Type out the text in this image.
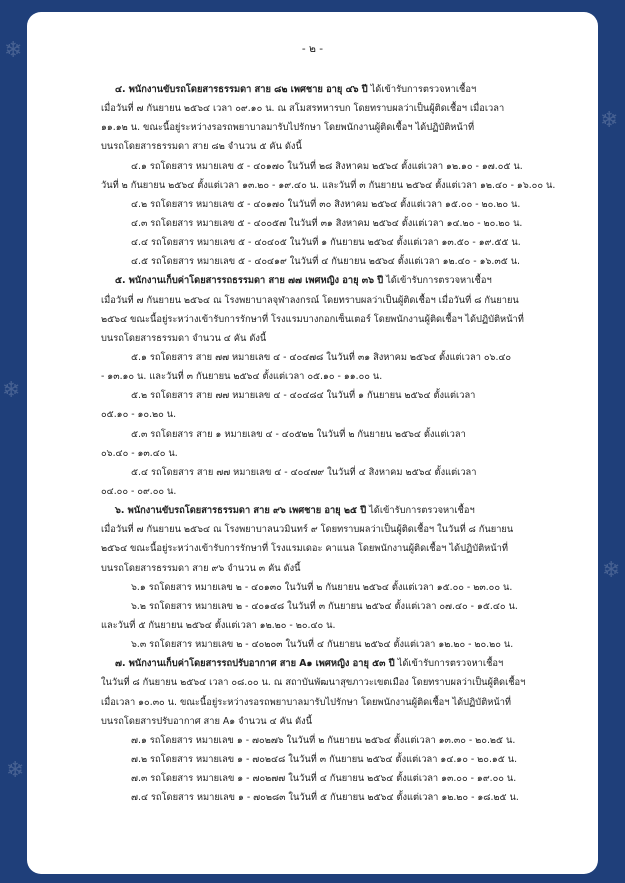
❄
❄
❄
❄
❄
- ๒ -
๔. พนักงานขับรถโดยสารธรรมดา สาย ๘๒ เพศชาย อายุ ๔๖ ปี ได้เข้ารับการตรวจหาเชื้อฯ
เมื่อวันที่ ๗ กันยายน ๒๕๖๔ เวลา ๐๙.๑๐ น. ณ สโมสรทหารบก โดยทราบผลว่าเป็นผู้ติดเชื้อฯ เมื่อเวลา
๑๑.๑๒ น. ขณะนี้อยู่ระหว่างรอรถพยาบาลมารับไปรักษา โดยพนักงานผู้ติดเชื้อฯ ได้ปฏิบัติหน้าที่
บนรถโดยสารธรรมดา สาย ๘๒ จำนวน ๕ คัน ดังนี้
๔.๑ รถโดยสาร หมายเลข ๕ - ๔๐๑๗๐ ในวันที่ ๒๘ สิงหาคม ๒๕๖๔ ตั้งแต่เวลา ๑๒.๑๐ - ๑๗.๐๕ น.
วันที่ ๒ กันยายน ๒๕๖๔ ตั้งแต่เวลา ๑๓.๒๐ - ๑๙.๔๐ น. และวันที่ ๓ กันยายน ๒๕๖๔ ตั้งแต่เวลา ๑๒.๔๐ - ๑๖.๐๐ น.
๔.๒ รถโดยสาร หมายเลข ๕ - ๔๐๑๗๐ ในวันที่ ๓๐ สิงหาคม ๒๕๖๔ ตั้งแต่เวลา ๑๕.๐๐ - ๒๐.๒๐ น.
๔.๓ รถโดยสาร หมายเลข ๕ - ๔๐๐๕๗ ในวันที่ ๓๑ สิงหาคม ๒๕๖๔ ตั้งแต่เวลา ๑๔.๒๐ - ๒๐.๒๐ น.
๔.๔ รถโดยสาร หมายเลข ๕ - ๔๐๔๐๕ ในวันที่ ๑ กันยายน ๒๕๖๔ ตั้งแต่เวลา ๑๓.๕๐ - ๑๙.๕๕ น.
๔.๕ รถโดยสาร หมายเลข ๕ - ๔๐๔๑๙ ในวันที่ ๔ กันยายน ๒๕๖๔ ตั้งแต่เวลา ๑๒.๔๐ - ๑๖.๓๕ น.
๕. พนักงานเก็บค่าโดยสารรถธรรมดา สาย ๗๗ เพศหญิง อายุ ๓๖ ปี ได้เข้ารับการตรวจหาเชื้อฯ
เมื่อวันที่ ๗ กันยายน ๒๕๖๔ ณ โรงพยาบาลจุฬาลงกรณ์ โดยทราบผลว่าเป็นผู้ติดเชื้อฯ เมื่อวันที่ ๘ กันยายน
๒๕๖๔ ขณะนี้อยู่ระหว่างเข้ารับการรักษาที่ โรงแรมบางกอกเซ็นเตอร์ โดยพนักงานผู้ติดเชื้อฯ ได้ปฏิบัติหน้าที่
บนรถโดยสารธรรมดา จำนวน ๔ คัน ดังนี้
๕.๑ รถโดยสาร สาย ๗๗ หมายเลข ๔ - ๔๐๔๗๘ ในวันที่ ๓๑ สิงหาคม ๒๕๖๔ ตั้งแต่เวลา ๐๖.๔๐
- ๑๓.๑๐ น. และวันที่ ๓ กันยายน ๒๕๖๔ ตั้งแต่เวลา ๐๕.๑๐ - ๑๑.๐๐ น.
๕.๒ รถโดยสาร สาย ๗๗ หมายเลข ๔ - ๔๐๔๘๔ ในวันที่ ๑ กันยายน ๒๕๖๔ ตั้งแต่เวลา
๐๕.๑๐ - ๑๐.๒๐ น.
๕.๓ รถโดยสาร สาย ๑ หมายเลข ๔ - ๔๐๕๒๒ ในวันที่ ๒ กันยายน ๒๕๖๔ ตั้งแต่เวลา
๐๖.๔๐ - ๑๓.๔๐ น.
๕.๔ รถโดยสาร สาย ๗๗ หมายเลข ๔ - ๔๐๔๗๙ ในวันที่ ๔ สิงหาคม ๒๕๖๔ ตั้งแต่เวลา
๐๔.๐๐ - ๐๙.๐๐ น.
๖. พนักงานขับรถโดยสารธรรมดา สาย ๙๖ เพศชาย อายุ ๒๕ ปี ได้เข้ารับการตรวจหาเชื้อฯ
เมื่อวันที่ ๗ กันยายน ๒๕๖๔ ณ โรงพยาบาลนวมินทร์ ๙ โดยทราบผลว่าเป็นผู้ติดเชื้อฯ ในวันที่ ๘ กันยายน
๒๕๖๔ ขณะนี้อยู่ระหว่างเข้ารับการรักษาที่ โรงแรมเดอะ คาแนล โดยพนักงานผู้ติดเชื้อฯ ได้ปฏิบัติหน้าที่
บนรถโดยสารธรรมดา สาย ๙๖ จำนวน ๓ คัน ดังนี้
๖.๑ รถโดยสาร หมายเลข ๒ - ๔๐๑๓๐ ในวันที่ ๒ กันยายน ๒๕๖๔ ตั้งแต่เวลา ๑๕.๐๐ - ๒๓.๐๐ น.
๖.๒ รถโดยสาร หมายเลข ๒ - ๔๐๑๔๘ ในวันที่ ๓ กันยายน ๒๕๖๔ ตั้งแต่เวลา ๐๗.๔๐ - ๑๕.๔๐ น.
และวันที่ ๕ กันยายน ๒๕๖๔ ตั้งแต่เวลา ๑๒.๒๐ - ๒๐.๔๐ น.
๖.๓ รถโดยสาร หมายเลข ๒ - ๔๐๒๐๓ ในวันที่ ๔ กันยายน ๒๕๖๔ ตั้งแต่เวลา ๑๒.๒๐ - ๒๐.๒๐ น.
๗. พนักงานเก็บค่าโดยสารรถปรับอากาศ สาย A๑ เพศหญิง อายุ ๕๓ ปี ได้เข้ารับการตรวจหาเชื้อฯ
ในวันที่ ๘ กันยายน ๒๕๖๔ เวลา ๐๘.๐๐ น. ณ สถาบันพัฒนาสุขภาวะเขตเมือง โดยทราบผลว่าเป็นผู้ติดเชื้อฯ
เมื่อเวลา ๑๐.๓๐ น. ขณะนี้อยู่ระหว่างรอรถพยาบาลมารับไปรักษา โดยพนักงานผู้ติดเชื้อฯ ได้ปฏิบัติหน้าที่
บนรถโดยสารปรับอากาศ สาย A๑ จำนวน ๔ คัน ดังนี้
๗.๑ รถโดยสาร หมายเลข ๑ - ๗๐๒๗๖ ในวันที่ ๒ กันยายน ๒๕๖๔ ตั้งแต่เวลา ๑๓.๓๐ - ๒๐.๒๕ น.
๗.๒ รถโดยสาร หมายเลข ๑ - ๗๐๒๔๘ ในวันที่ ๓ กันยายน ๒๕๖๔ ตั้งแต่เวลา ๑๔.๑๐ - ๒๐.๑๕ น.
๗.๓ รถโดยสาร หมายเลข ๑ - ๗๐๒๗๗ ในวันที่ ๔ กันยายน ๒๕๖๔ ตั้งแต่เวลา ๑๓.๐๐ - ๑๙.๐๐ น.
๗.๔ รถโดยสาร หมายเลข ๑ - ๗๐๒๘๓ ในวันที่ ๕ กันยายน ๒๕๖๔ ตั้งแต่เวลา ๑๒.๒๐ - ๑๘.๒๕ น.
